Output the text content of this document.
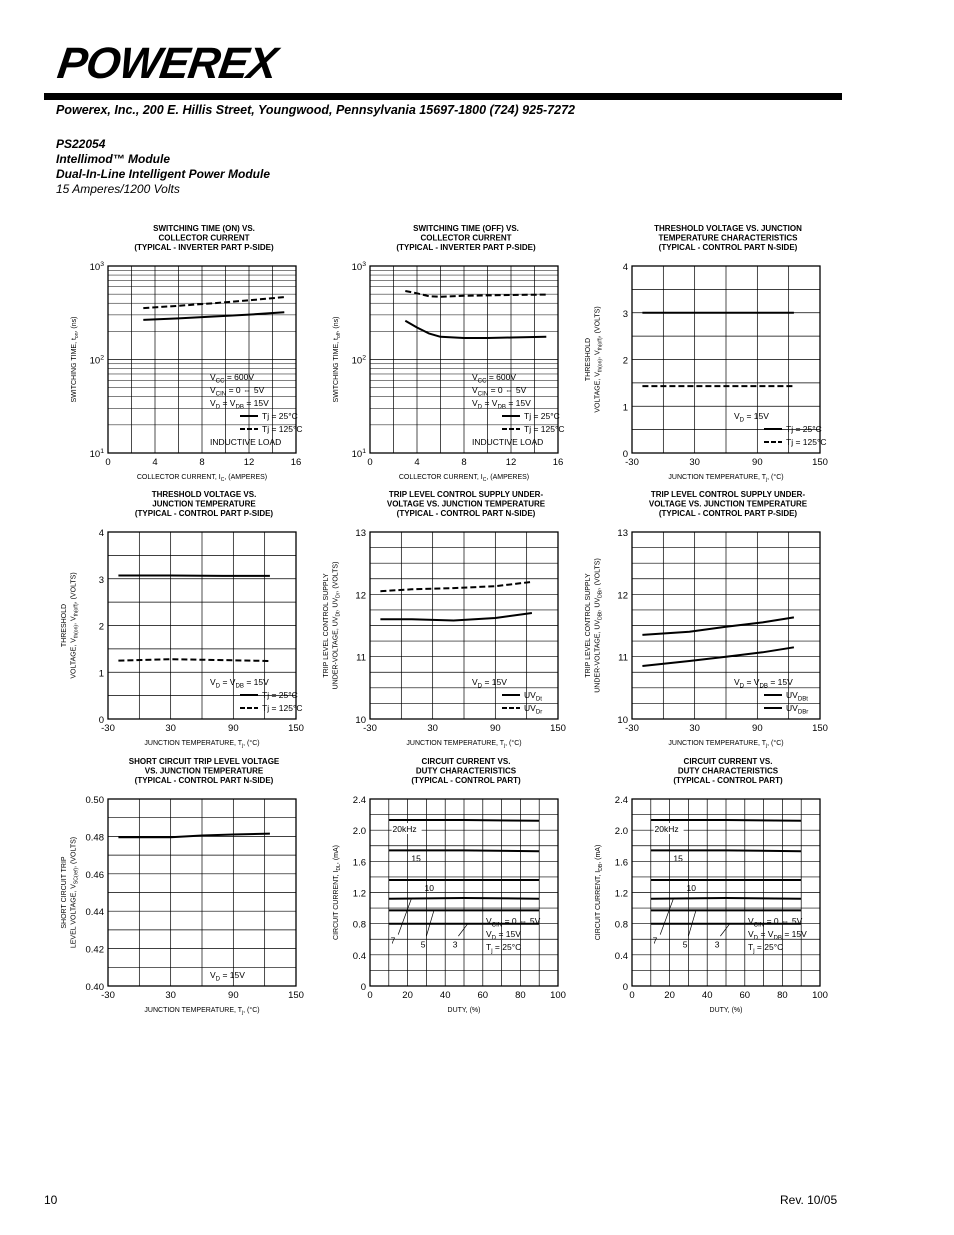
POWEREX
Powerex, Inc., 200 E. Hillis Street, Youngwood, Pennsylvania 15697-1800 (724) 925-7272
PS22054
Intellimod™ Module
Dual-In-Line Intelligent Power Module
15 Amperes/1200 Volts
SWITCHING TIME (ON) VS.
COLLECTOR CURRENT
(TYPICAL - INVERTER PART P-SIDE)
0	4	8	12	16
$10^1$
$10^2$
$10^3$
COLLECTOR CURRENT, $I_C$, (AMPERES)
SWITCHING TIME, $t_{on}$, (ns)
$V_{CC} = 600V$
$V_{CIN} = 0$ ⇔ 5V
$V_D = V_{DB} = 15V$
Tj = 25°C
Tj = 125°C
INDUCTIVE LOAD
SWITCHING TIME (OFF) VS.
COLLECTOR CURRENT
(TYPICAL - INVERTER PART P-SIDE)
0	4	8	12	16
$10^1$
$10^2$
$10^3$
COLLECTOR CURRENT, $I_C$, (AMPERES)
SWITCHING TIME, $t_{off}$, (ns)
$V_{CC} = 600V$
$V_{CIN} = 0$ ⇔ 5V
$V_D = V_{DB} = 15V$
Tj = 25°C
Tj = 125°C
INDUCTIVE LOAD
THRESHOLD VOLTAGE VS. JUNCTION
TEMPERATURE CHARACTERISTICS
(TYPICAL - CONTROL PART N-SIDE)
-30	30	90	150
0
1
2
3
4
JUNCTION TEMPERATURE, $T_j$, (°C)
THRESHOLD
VOLTAGE, $V_{th(on)}$, $V_{th(off)}$, (VOLTS)
$V_D = 15V$
Tj = 25°C
Tj = 125°C
THRESHOLD VOLTAGE VS.
JUNCTION TEMPERATURE
(TYPICAL - CONTROL PART P-SIDE)
-30	30	90	150
0
1
2
3
4
JUNCTION TEMPERATURE, $T_j$, (°C)
THRESHOLD
VOLTAGE, $V_{th(on)}$, $V_{th(off)}$, (VOLTS)
$V_D = V_{DB} = 15V$
Tj = 25°C
Tj = 125°C
TRIP LEVEL CONTROL SUPPLY UNDER-
VOLTAGE VS. JUNCTION TEMPERATURE
(TYPICAL - CONTROL PART N-SIDE)
-30	30	90	150
10
11
12
13
JUNCTION TEMPERATURE, $T_j$, (°C)
TRIP LEVEL CONTROL SUPPLY UNDER-VOLTAGE, $UV_{Dt}$, $UV_{Dr}$, (VOLTS)
$V_D = 15V$
$UV_{Dt}$
$UV_{Dr}$
TRIP LEVEL CONTROL SUPPLY UNDER-
VOLTAGE VS. JUNCTION TEMPERATURE
(TYPICAL - CONTROL PART P-SIDE)
-30	30	90	150
10
11
12
13
JUNCTION TEMPERATURE, $T_j$, (°C)
TRIP LEVEL CONTROL SUPPLY UNDER-VOLTAGE, $UV_{DBt}$, $UV_{DBr}$, (VOLTS)
$V_D = V_{DB} = 15V$
$UV_{DBt}$
$UV_{DBr}$
SHORT CIRCUIT TRIP LEVEL VOLTAGE
VS. JUNCTION TEMPERATURE
(TYPICAL - CONTROL PART N-SIDE)
-30	30	90	150
0.40
0.42
0.44
0.46
0.48
0.50
JUNCTION TEMPERATURE, $T_j$, (°C)
SHORT CIRCUIT TRIP LEVEL VOLTAGE, $V_{SC(ref)}$, (VOLTS)
$V_D = 15V$
CIRCUIT CURRENT VS.
DUTY CHARACTERISTICS
(TYPICAL - CONTROL PART)
0	20	40	60	80	100
0
0.4
0.8
1.2
1.6
2.0
2.4
DUTY, (%)
CIRCUIT CURRENT, $I_{DL}$, (mA)
$V_{CIN} = 0$ ⇔ 5V
$V_D = 15V$
$T_j = 25^\circ C$
20kHz
15
10
7	5	3
CIRCUIT CURRENT VS.
DUTY CHARACTERISTICS
(TYPICAL - CONTROL PART)
0	20	40	60	80	100
0
0.4
0.8
1.2
1.6
2.0
2.4
DUTY, (%)
CIRCUIT CURRENT, $I_{DB}$, (mA)
$V_{CIN} = 0$ ⇔ 5V
$V_D = V_{DB} = 15V$
$T_j = 25^\circ C$
20kHz
15
10
7	5	3
10	Rev. 10/05
